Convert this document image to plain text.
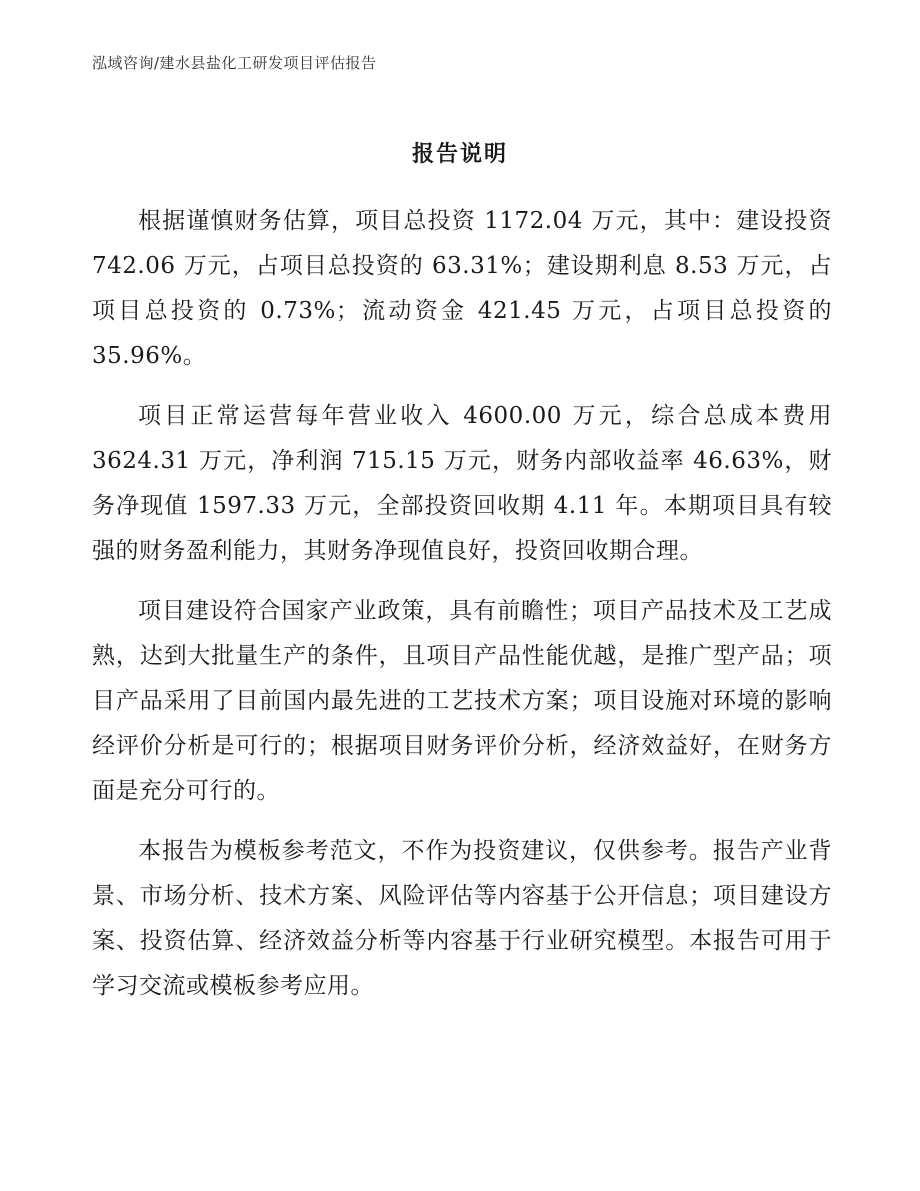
泓域咨询/建水县盐化工研发项目评估报告
报告说明

根据谨慎财务估算，项目总投资 1172.04 万元，其中：建设投资 742.06 万元，占项目总投资的 63.31%；建设期利息 8.53 万元，占项目总投资的 0.73%；流动资金 421.45 万元，占项目总投资的 35.96%。

项目正常运营每年营业收入 4600.00 万元，综合总成本费用 3624.31 万元，净利润 715.15 万元，财务内部收益率 46.63%，财务净现值 1597.33 万元，全部投资回收期 4.11 年。本期项目具有较强的财务盈利能力，其财务净现值良好，投资回收期合理。

项目建设符合国家产业政策，具有前瞻性；项目产品技术及工艺成熟，达到大批量生产的条件，且项目产品性能优越，是推广型产品；项目产品采用了目前国内最先进的工艺技术方案；项目设施对环境的影响经评价分析是可行的；根据项目财务评价分析，经济效益好，在财务方面是充分可行的。

本报告为模板参考范文，不作为投资建议，仅供参考。报告产业背景、市场分析、技术方案、风险评估等内容基于公开信息；项目建设方案、投资估算、经济效益分析等内容基于行业研究模型。本报告可用于学习交流或模板参考应用。
